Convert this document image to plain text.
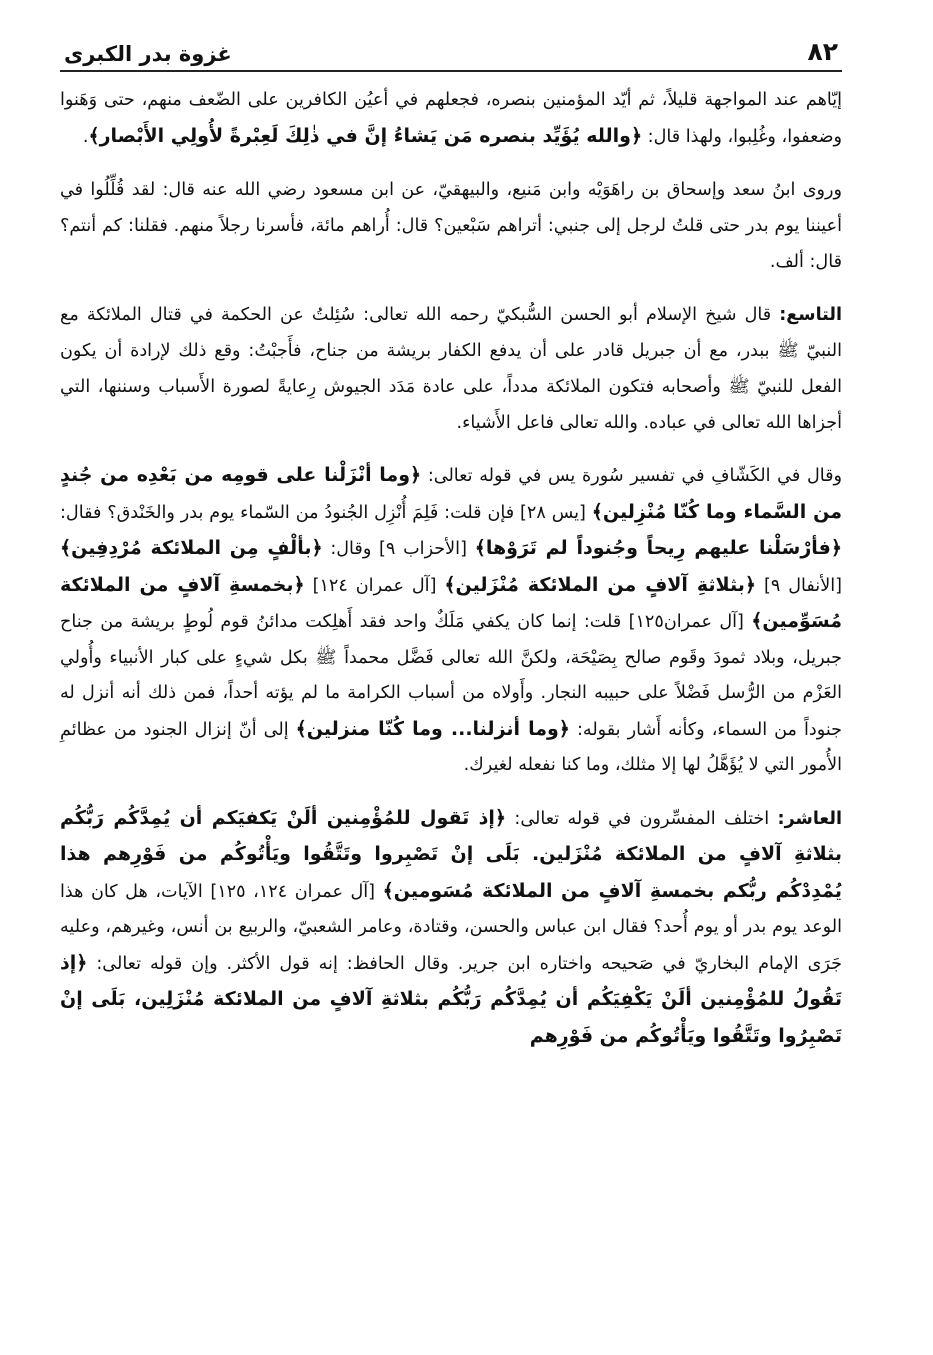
٨٢
غزوة بدر الكبرى

إيّاهم عند المواجهة قليلاً، ثم أيّد المؤمنين بنصره، فجعلهم في أعيُن الكافرين على الضّعف منهم، حتى وَهَنوا وضعفوا، وغُلِبوا، ولهذا قال: ﴿والله يُؤَيِّد بنصره مَن يَشاءُ إنَّ في ذٰلِكَ لَعِبْرةً لأُولِي الأَبْصار﴾.

وروى ابنُ سعد وإسحاق بن راهَوَيْه وابن مَنيع، والبيهقيّ، عن ابن مسعود رضي الله عنه قال: لقد قُلِّلُوا في أعيننا يوم بدر حتى قلتُ لرجل إلى جنبي: أتراهم سَبْعين؟ قال: أُراهم مائة، فأسرنا رجلاً منهم. فقلنا: كم أنتم؟ قال: ألف.

التاسع: قال شيخ الإسلام أبو الحسن السُّبكيّ رحمه الله تعالى: سُئِلتُ عن الحكمة في قتال الملائكة مع النبيّ ﷺ ببدر، مع أن جبريل قادر على أن يدفع الكفار بريشة من جناح، فأَجبْتُ: وقع ذلك لإرادة أن يكون الفعل للنبيّ ﷺ وأصحابه فتكون الملائكة مدداً، على عادة مَدَد الجيوش رِعايةً لصورة الأَسباب وسننها، التي أجزاها الله تعالى في عباده. والله تعالى فاعل الأَشياء.

وقال في الكَشّافِ في تفسير سُورة يس في قوله تعالى: ﴿وما أنْزَلْنا على قومِه من بَعْدِه من جُندٍ من السَّماء وما كُنّا مُنْزِلين﴾ [يس ٢٨] فإن قلت: فَلِمَ أُنْزِل الجُنودُ من السّماء يوم بدر والخَنْدق؟ فقال: ﴿فأرْسَلْنا عليهم رِيحاً وجُنوداً لم تَرَوْها﴾ [الأحزاب ٩] وقال: ﴿بألْفٍ مِن الملائكة مُرْدِفِين﴾ [الأنفال ٩] ﴿بثلاثةِ آلافٍ من الملائكة مُنْزَلين﴾ [آل عمران ١٢٤] ﴿بخمسةِ آلافٍ من الملائكة مُسَوِّمين﴾ [آل عمران١٢٥] قلت: إنما كان يكفي مَلَكٌ واحد فقد أَهلِكت مدائنُ قوم لُوطٍ بريشة من جناح جبريل، وبلاد ثمودَ وقَوم صالح بِصَيْحَة، ولكنَّ الله تعالى فَضَّل محمداً ﷺ بكل شيءٍ على كبار الأنبياء وأُولي العَزْم من الرُّسل فَضْلاً على حبيبه النجار. وأَولاه من أسباب الكرامة ما لم يؤته أحداً، فمن ذلك أنه أنزل له جنوداً من السماء، وكأنه أَشار بقوله: ﴿وما أنزلنا... وما كُنّا منزلين﴾ إلى أنّ إنزال الجنود من عظائمِ الأُمور التي لا يُؤَهَّلُ لها إلا مثلك، وما كنا نفعله لغيرك.

العاشر: اختلف المفسِّرون في قوله تعالى: ﴿إذ تَقول للمُؤْمِنين ألَنْ يَكفيَكم أن يُمِدَّكُم رَبُّكُم بثلاثةِ آلافٍ من الملائكة مُنْزَلين. بَلَى إنْ تَصْبِروا وتَتَّقُوا ويَأْتُوكُم من فَوْرِهم هذا يُمْدِدْكُم ربُّكم بخمسةِ آلافٍ من الملائكة مُسَومين﴾ [آل عمران ١٢٤، ١٢٥] الآيات، هل كان هذا الوعد يوم بدر أو يوم أُحد؟ فقال ابن عباس والحسن، وقتادة، وعامر الشعبيّ، والربيع بن أنس، وغيرهم، وعليه جَرَى الإمام البخاريّ في صَحيحه واختاره ابن جرير. وقال الحافظ: إنه قول الأكثر. وإن قوله تعالى: ﴿إذ تَقُولُ للمُؤْمِنين ألَنْ يَكْفِيَكُم أن يُمِدَّكُم رَبُّكُم بثلاثةِ آلافٍ من الملائكة مُنْزَلِين، بَلَى إنْ تَصْبِرُوا وتَتَّقُوا ويَأْتُوكُم من فَوْرِهم
